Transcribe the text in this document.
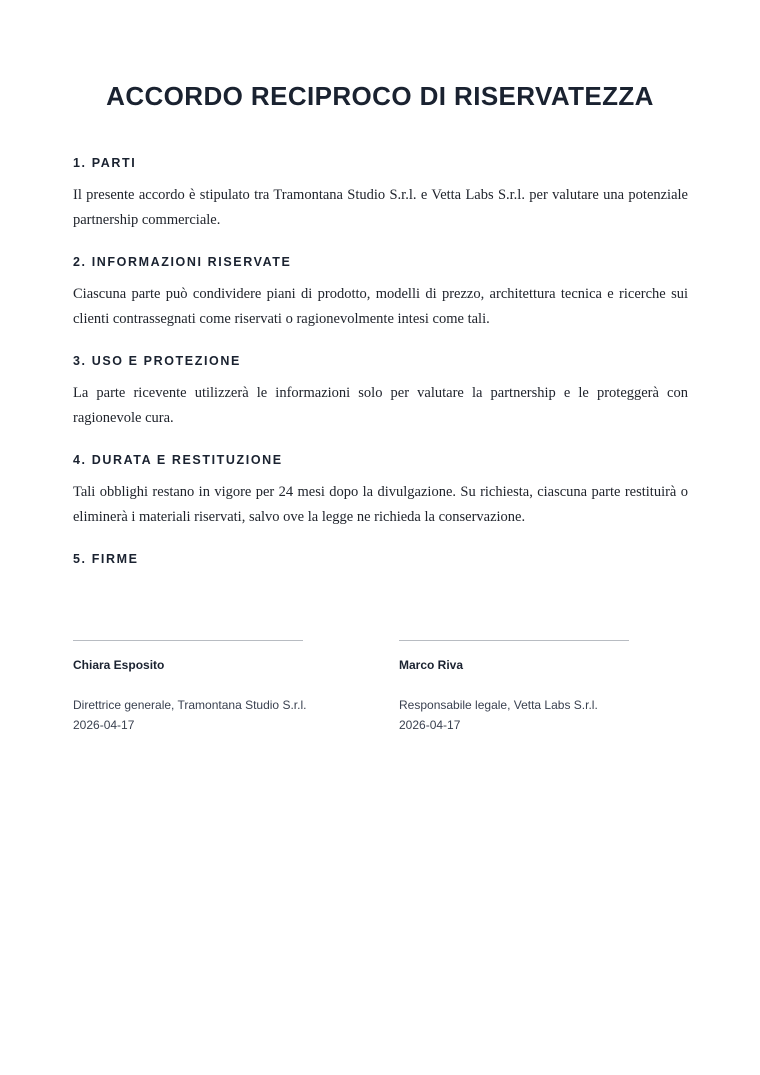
ACCORDO RECIPROCO DI RISERVATEZZA
1. PARTI

Il presente accordo è stipulato tra Tramontana Studio S.r.l. e Vetta Labs S.r.l. per valutare una potenziale partnership commerciale.

2. INFORMAZIONI RISERVATE

Ciascuna parte può condividere piani di prodotto, modelli di prezzo, architettura tecnica e ricerche sui clienti contrassegnati come riservati o ragionevolmente intesi come tali.

3. USO E PROTEZIONE

La parte ricevente utilizzerà le informazioni solo per valutare la partnership e le proteggerà con ragionevole cura.

4. DURATA E RESTITUZIONE

Tali obblighi restano in vigore per 24 mesi dopo la divulgazione. Su richiesta, ciascuna parte restituirà o eliminerà i materiali riservati, salvo ove la legge ne richieda la conservazione.

5. FIRME
Chiara Esposito
Direttrice generale, Tramontana Studio S.r.l.
2026-04-17
Marco Riva
Responsabile legale, Vetta Labs S.r.l.
2026-04-17
